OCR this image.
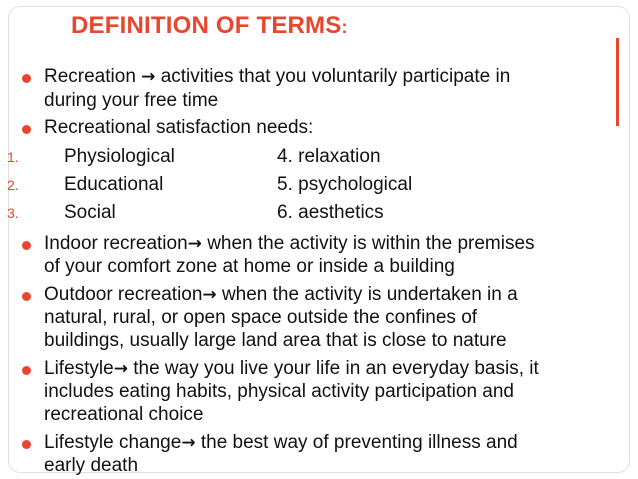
DEFINITION OF TERMS:
Recreation → activities that you voluntarily participate in
during your free time
Recreational satisfaction needs:
1. Physiological	4. relaxation
2. Educational	5. psychological
3. Social	6. aesthetics
Indoor recreation→ when the activity is within the premises
of your comfort zone at home or inside a building
Outdoor recreation→ when the activity is undertaken in a
natural, rural, or open space outside the confines of
buildings, usually large land area that is close to nature
Lifestyle→ the way you live your life in an everyday basis, it
includes eating habits, physical activity participation and
recreational choice
Lifestyle change→ the best way of preventing illness and
early death
